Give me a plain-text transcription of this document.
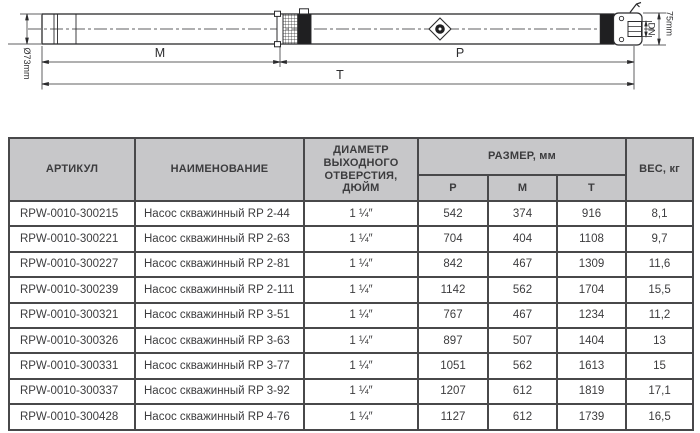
M	P
T
Ø73mm
DN 75mm
АРТИКУЛ	НАИМЕНОВАНИЕ	ДИАМЕТР ВЫХОДНОГО ОТВЕРСТИЯ, ДЮЙМ	РАЗМЕР, мм			ВЕС, кг
			P	M	T	
RPW-0010-300215	Насос скважинный RP 2-44	1 ¼″	542	374	916	8,1
RPW-0010-300221	Насос скважинный RP 2-63	1 ¼″	704	404	1108	9,7
RPW-0010-300227	Насос скважинный RP 2-81	1 ¼″	842	467	1309	11,6
RPW-0010-300239	Насос скважинный RP 2-111	1 ¼″	1142	562	1704	15,5
RPW-0010-300321	Насос скважинный RP 3-51	1 ¼″	767	467	1234	11,2
RPW-0010-300326	Насос скважинный RP 3-63	1 ¼″	897	507	1404	13
RPW-0010-300331	Насос скважинный RP 3-77	1 ¼″	1051	562	1613	15
RPW-0010-300337	Насос скважинный RP 3-92	1 ¼″	1207	612	1819	17,1
RPW-0010-300428	Насос скважинный RP 4-76	1 ¼″	1127	612	1739	16,5
